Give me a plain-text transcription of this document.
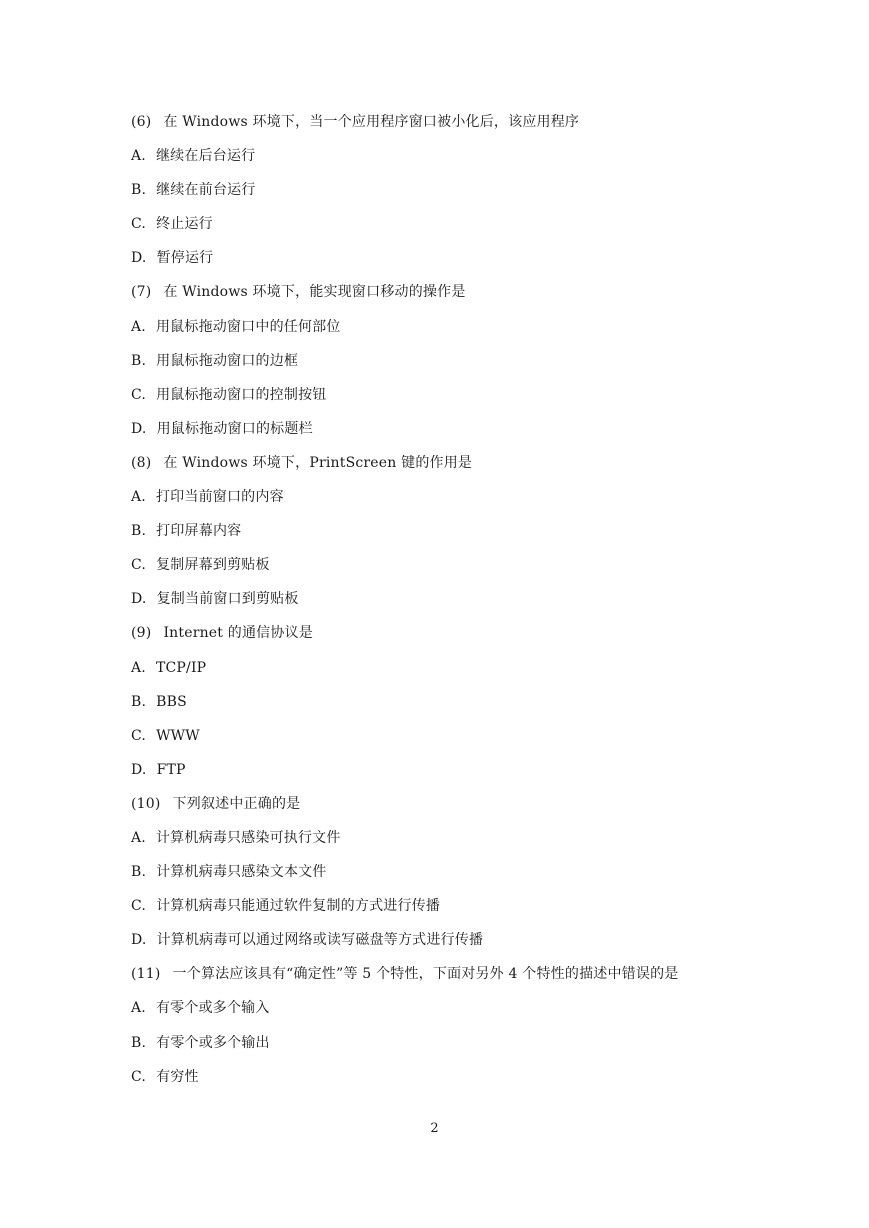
(6) 在 Windows 环境下，当一个应用程序窗口被小化后，该应用程序
A. 继续在后台运行
B. 继续在前台运行
C. 终止运行
D. 暂停运行
(7) 在 Windows 环境下，能实现窗口移动的操作是
A. 用鼠标拖动窗口中的任何部位
B. 用鼠标拖动窗口的边框
C. 用鼠标拖动窗口的控制按钮
D. 用鼠标拖动窗口的标题栏
(8) 在 Windows 环境下，PrintScreen 键的作用是
A. 打印当前窗口的内容
B. 打印屏幕内容
C. 复制屏幕到剪贴板
D. 复制当前窗口到剪贴板
(9) Internet 的通信协议是
A. TCP/IP
B. BBS
C. WWW
D. FTP
(10) 下列叙述中正确的是
A. 计算机病毒只感染可执行文件
B. 计算机病毒只感染文本文件
C. 计算机病毒只能通过软件复制的方式进行传播
D. 计算机病毒可以通过网络或读写磁盘等方式进行传播
(11) 一个算法应该具有“确定性”等 5 个特性，下面对另外 4 个特性的描述中错误的是
A. 有零个或多个输入
B. 有零个或多个输出
C. 有穷性
2
